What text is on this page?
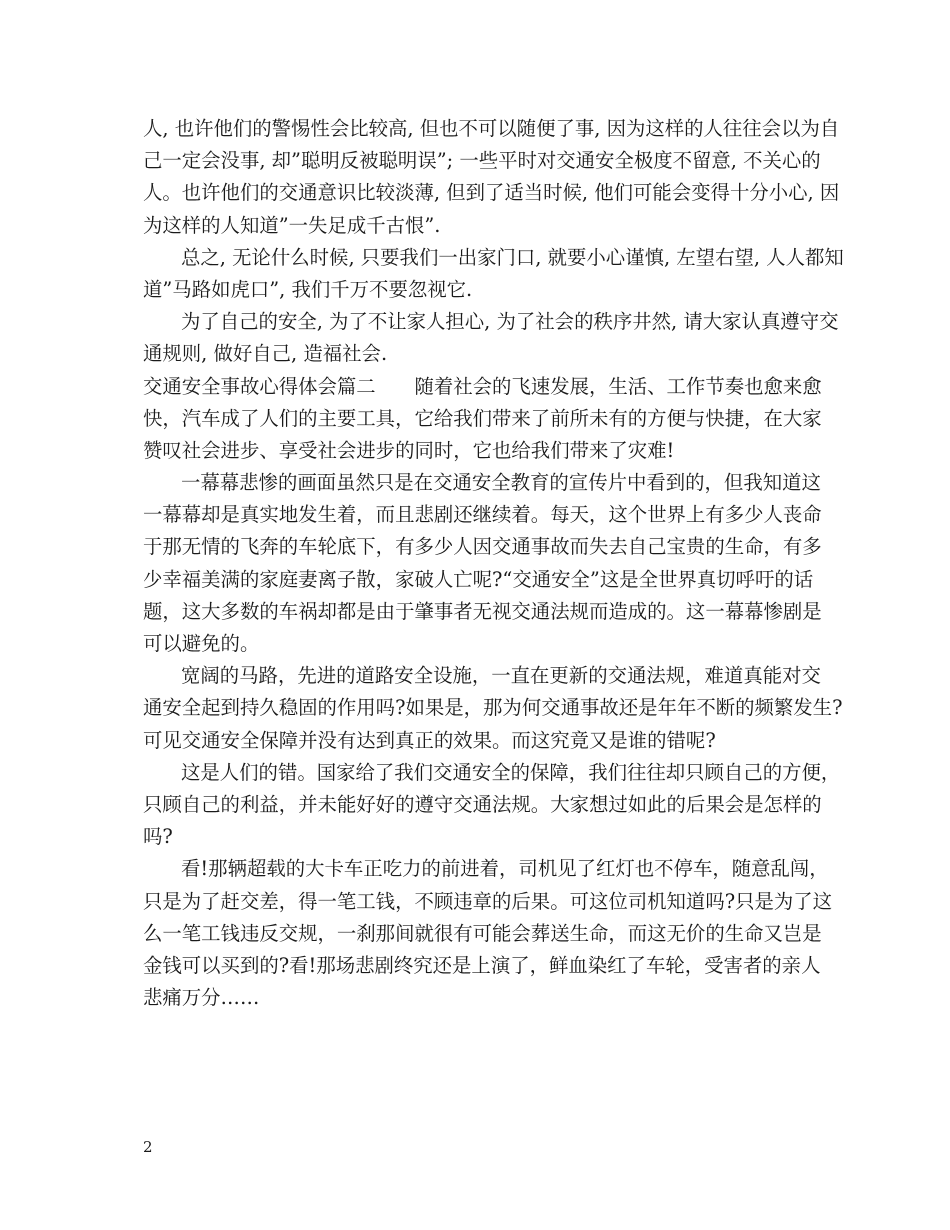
人, 也许他们的警惕性会比较高, 但也不可以随便了事, 因为这样的人往往会以为自
己一定会没事, 却”聪明反被聪明误”; 一些平时对交通安全极度不留意, 不关心的
人。也许他们的交通意识比较淡薄, 但到了适当时候, 他们可能会变得十分小心, 因
为这样的人知道”一失足成千古恨”.
总之, 无论什么时候, 只要我们一出家门口, 就要小心谨慎, 左望右望, 人人都知
道”马路如虎口”, 我们千万不要忽视它.
为了自己的安全, 为了不让家人担心, 为了社会的秩序井然, 请大家认真遵守交
通规则, 做好自己, 造福社会.
交通安全事故心得体会篇二　　随着社会的飞速发展，生活、工作节奏也愈来愈
快，汽车成了人们的主要工具，它给我们带来了前所未有的方便与快捷，在大家
赞叹社会进步、享受社会进步的同时，它也给我们带来了灾难!
一幕幕悲惨的画面虽然只是在交通安全教育的宣传片中看到的，但我知道这
一幕幕却是真实地发生着，而且悲剧还继续着。每天，这个世界上有多少人丧命
于那无情的飞奔的车轮底下，有多少人因交通事故而失去自己宝贵的生命，有多
少幸福美满的家庭妻离子散，家破人亡呢?“交通安全”这是全世界真切呼吁的话
题，这大多数的车祸却都是由于肇事者无视交通法规而造成的。这一幕幕惨剧是
可以避免的。
宽阔的马路，先进的道路安全设施，一直在更新的交通法规，难道真能对交
通安全起到持久稳固的作用吗?如果是，那为何交通事故还是年年不断的频繁发生?
可见交通安全保障并没有达到真正的效果。而这究竟又是谁的错呢?
这是人们的错。国家给了我们交通安全的保障，我们往往却只顾自己的方便，
只顾自己的利益，并未能好好的遵守交通法规。大家想过如此的后果会是怎样的
吗?
看!那辆超载的大卡车正吃力的前进着，司机见了红灯也不停车，随意乱闯，
只是为了赶交差，得一笔工钱，不顾违章的后果。可这位司机知道吗?只是为了这
么一笔工钱违反交规，一刹那间就很有可能会葬送生命，而这无价的生命又岂是
金钱可以买到的?看!那场悲剧终究还是上演了，鲜血染红了车轮，受害者的亲人
悲痛万分……
2
